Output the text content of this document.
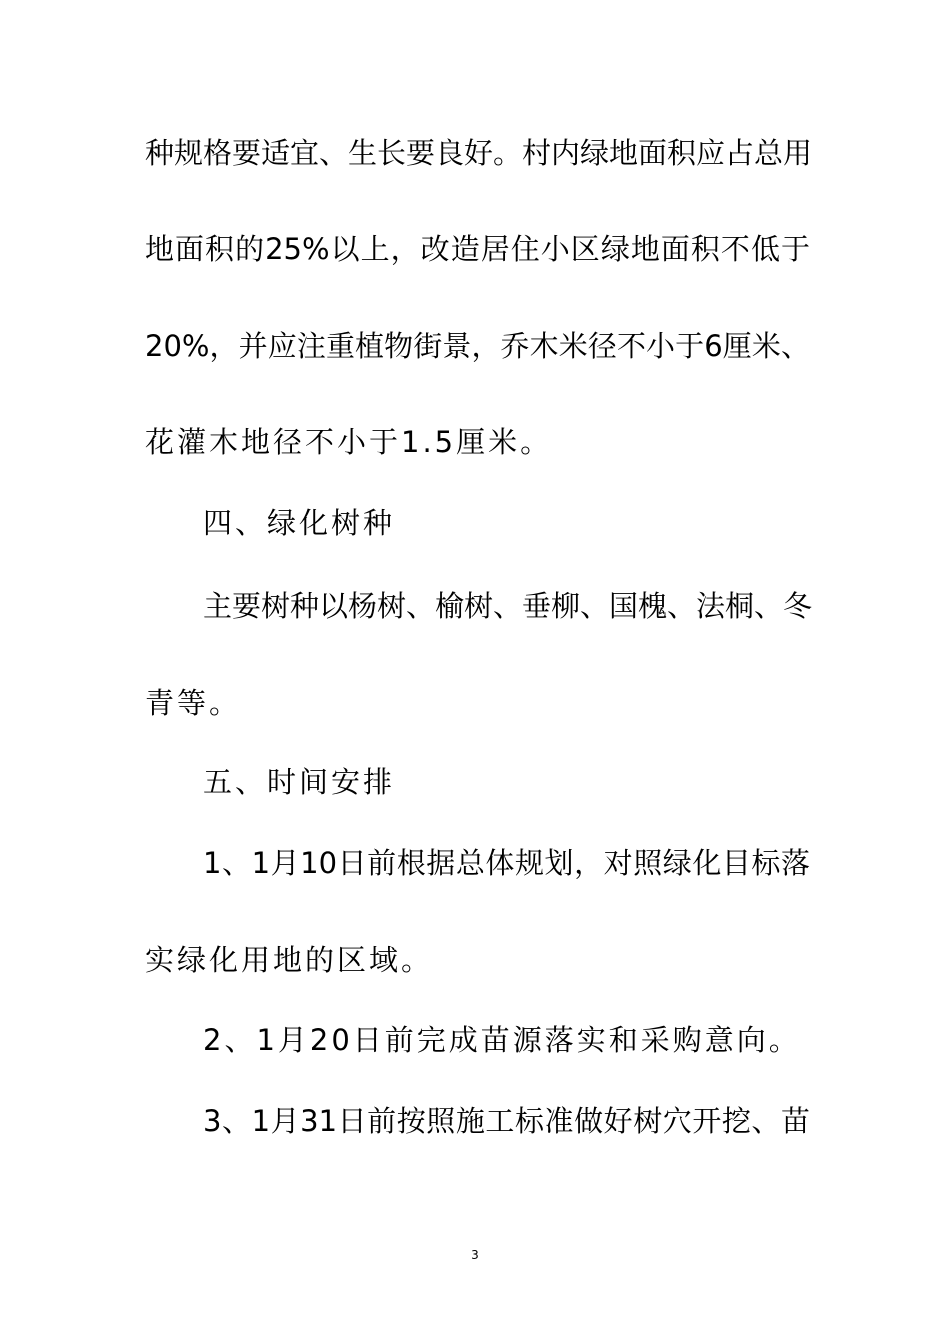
种规格要适宜、生长要良好。村内绿地面积应占总用
地面积的25%以上，改造居住小区绿地面积不低于
20%，并应注重植物街景，乔木米径不小于6厘米、
花灌木地径不小于1.5厘米。
四、绿化树种
主要树种以杨树、榆树、垂柳、国槐、法桐、冬
青等。
五、时间安排
1、1月10日前根据总体规划，对照绿化目标落
实绿化用地的区域。
2、1月20日前完成苗源落实和采购意向。
3、1月31日前按照施工标准做好树穴开挖、苗
3
